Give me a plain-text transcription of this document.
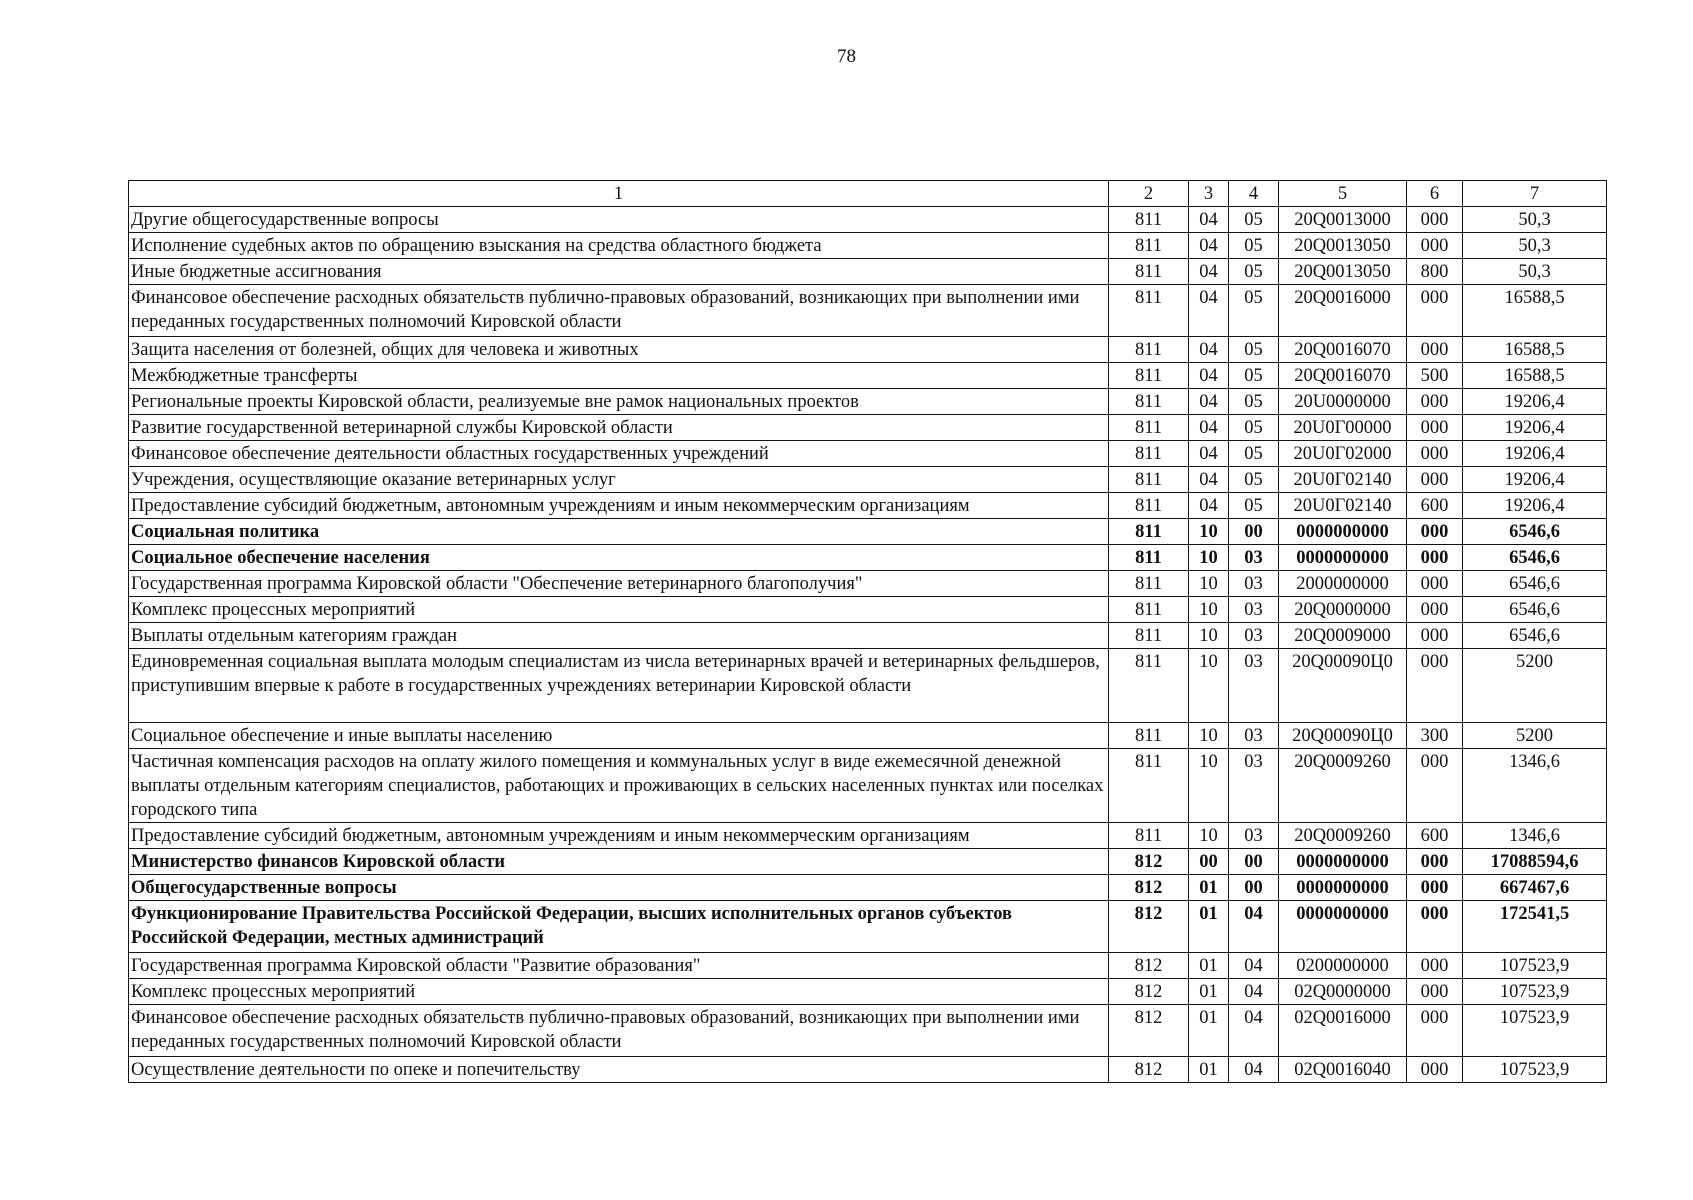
78
1	2	3	4	5	6	7
Другие общегосударственные вопросы	811	04	05	20Q0013000	000	50,3
Исполнение судебных актов по обращению взыскания на средства областного бюджета	811	04	05	20Q0013050	000	50,3
Иные бюджетные ассигнования	811	04	05	20Q0013050	800	50,3
Финансовое обеспечение расходных обязательств публично-правовых образований, возникающих при выполнении ими переданных государственных полномочий Кировской области	811	04	05	20Q0016000	000	16588,5
Защита населения от болезней, общих для человека и животных	811	04	05	20Q0016070	000	16588,5
Межбюджетные трансферты	811	04	05	20Q0016070	500	16588,5
Региональные проекты Кировской области, реализуемые вне рамок национальных проектов	811	04	05	20U0000000	000	19206,4
Развитие государственной ветеринарной службы Кировской области	811	04	05	20U0Г00000	000	19206,4
Финансовое обеспечение деятельности областных государственных учреждений	811	04	05	20U0Г02000	000	19206,4
Учреждения, осуществляющие оказание ветеринарных услуг	811	04	05	20U0Г02140	000	19206,4
Предоставление субсидий бюджетным, автономным учреждениям и иным некоммерческим организациям	811	04	05	20U0Г02140	600	19206,4
Социальная политика	811	10	00	0000000000	000	6546,6
Социальное обеспечение населения	811	10	03	0000000000	000	6546,6
Государственная программа Кировской области "Обеспечение ветеринарного благополучия"	811	10	03	2000000000	000	6546,6
Комплекс процессных мероприятий	811	10	03	20Q0000000	000	6546,6
Выплаты отдельным категориям граждан	811	10	03	20Q0009000	000	6546,6
Единовременная социальная выплата молодым специалистам из числа ветеринарных врачей и ветеринарных фельдшеров, приступившим впервые к работе в государственных учреждениях ветеринарии Кировской области	811	10	03	20Q00090Ц0	000	5200
Социальное обеспечение и иные выплаты населению	811	10	03	20Q00090Ц0	300	5200
Частичная компенсация расходов на оплату жилого помещения и коммунальных услуг в виде ежемесячной денежной выплаты отдельным категориям специалистов, работающих и проживающих в сельских населенных пунктах или поселках городского типа	811	10	03	20Q0009260	000	1346,6
Предоставление субсидий бюджетным, автономным учреждениям и иным некоммерческим организациям	811	10	03	20Q0009260	600	1346,6
Министерство финансов Кировской области	812	00	00	0000000000	000	17088594,6
Общегосударственные вопросы	812	01	00	0000000000	000	667467,6
Функционирование Правительства Российской Федерации, высших исполнительных органов субъектов Российской Федерации, местных администраций	812	01	04	0000000000	000	172541,5
Государственная программа Кировской области "Развитие образования"	812	01	04	0200000000	000	107523,9
Комплекс процессных мероприятий	812	01	04	02Q0000000	000	107523,9
Финансовое обеспечение расходных обязательств публично-правовых образований, возникающих при выполнении ими переданных государственных полномочий Кировской области	812	01	04	02Q0016000	000	107523,9
Осуществление деятельности по опеке и попечительству	812	01	04	02Q0016040	000	107523,9
